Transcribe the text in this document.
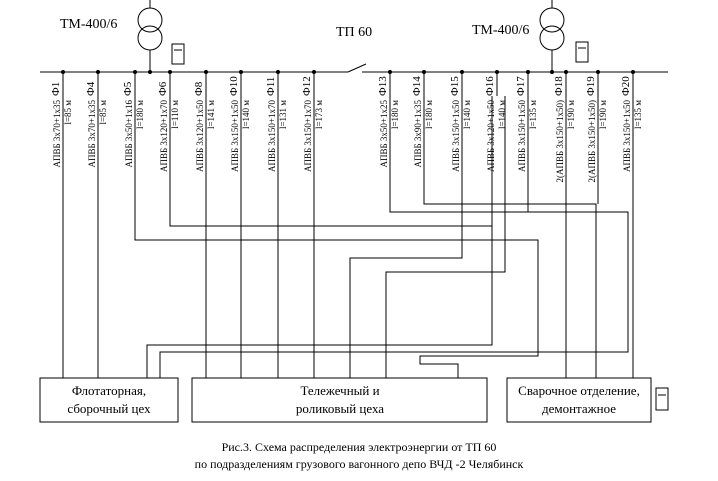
ТМ-400/6
ТП 60	ТМ-400/6
Ф1
АПВБ 3х70+1х35 l=85 м
Ф4
АПВБ 3х70+1х35 l=85 м
Ф5
АПВБ 3х50+1х16 l=180 м
Ф6
АПВБ 3х120+1х70 l=110 м
Ф8
АПВБ 3х120+1х50 l=141 м
Ф10
АПВБ 3х150+1х50 l=140 м
Ф11
АПВБ 3х150+1х70 l=131 м
Ф12
АПВБ 3х150+1х70 l=173 м
Ф13
АПВБ 3х50+1х25 l=180 м
Ф14
АПВБ 3х90+1х35 l=180 м
Ф15
АПВБ 3х150+1х50 l=140 м
Ф16
АПВБ 3х120+1х50 l=140 м
Ф17
АПВБ 3х150+1х50 l=135 м
Ф18
2(АПВБ 3х150+1х50) l=190 м
Ф19
2(АПВБ 3х150+1х50) l=190 м
Ф20
АПВБ 3х150+1х50 l=135 м
Флотаторная,
сборочный цех
Тележечный и
роликовый цеха
Сварочное отделение,
демонтажное
Рис.3. Схема распределения электроэнергии от ТП 60
по подразделениям грузового вагонного депо ВЧД -2 Челябинск
